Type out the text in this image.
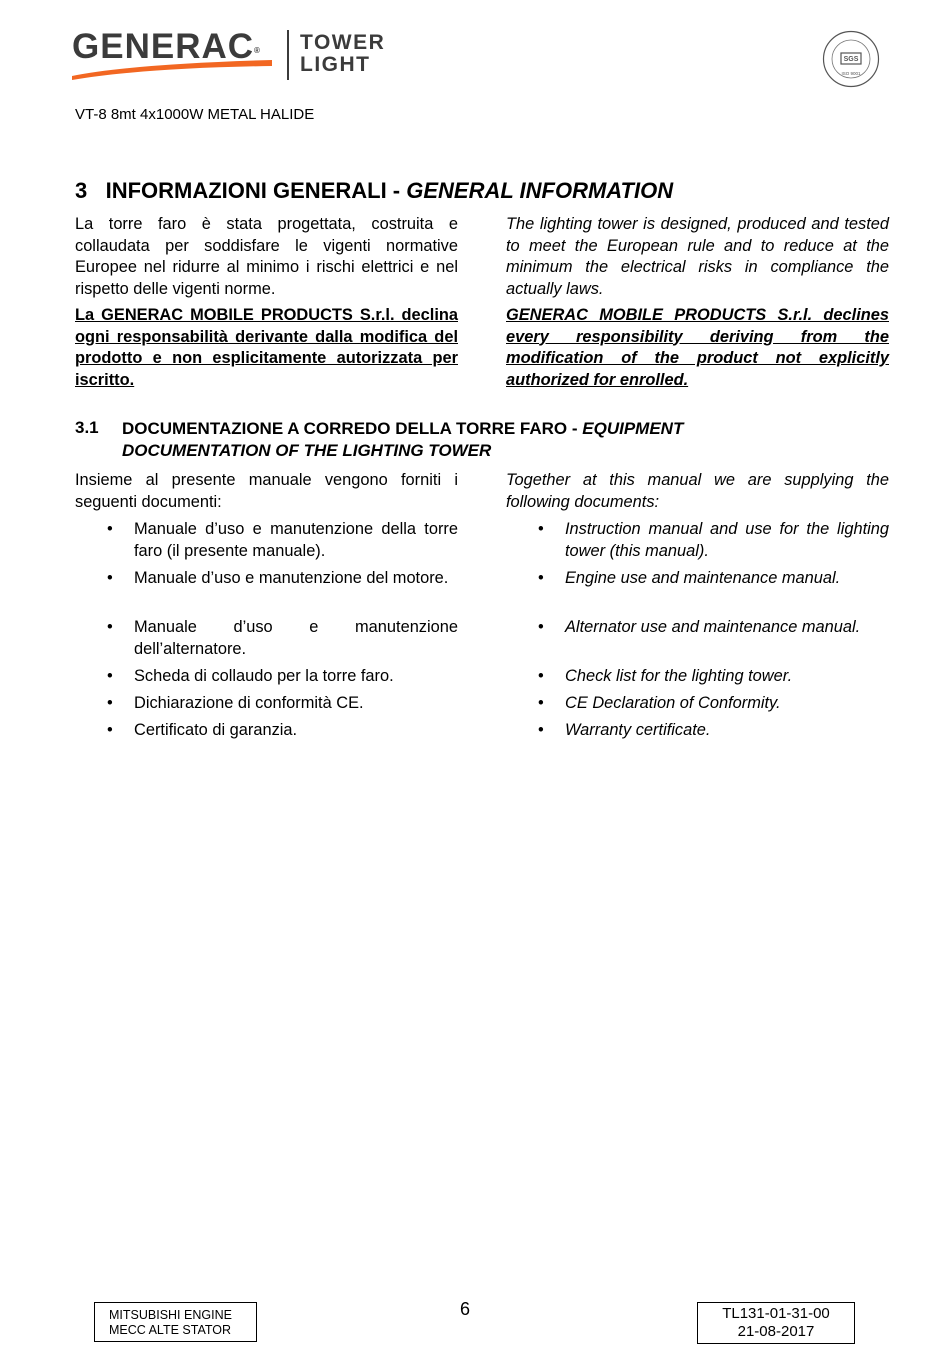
GENERAC® TOWER
LIGHT	SGS
ISO 9001
VT-8 8mt 4x1000W METAL HALIDE
3 INFORMAZIONI GENERALI - GENERAL INFORMATION

La torre faro è stata progettata, costruita e collaudata per soddisfare le vigenti normative Europee nel ridurre al minimo i rischi elettrici e nel rispetto delle vigenti norme.

La GENERAC MOBILE PRODUCTS S.r.l. declina ogni responsabilità derivante dalla modifica del prodotto e non esplicitamente autorizzata per iscritto.

The lighting tower is designed, produced and tested to meet the European rule and to reduce at the minimum the electrical risks in compliance the actually laws.

GENERAC MOBILE PRODUCTS S.r.l. declines every responsibility deriving from the modification of the product not explicitly authorized for enrolled.

3.1 DOCUMENTAZIONE A CORREDO DELLA TORRE FARO - EQUIPMENT DOCUMENTATION OF THE LIGHTING TOWER
Insieme al presente manuale vengono forniti i seguenti documenti:
Together at this manual we are supplying the following documents:
• Manuale d’uso e manutenzione della torre faro (il presente manuale).
• Manuale d’uso e manutenzione del motore.
• Manuale d’uso e manutenzione dell’alternatore.
• Scheda di collaudo per la torre faro.
• Dichiarazione di conformità CE.
• Certificato di garanzia.
• Instruction manual and use for the lighting tower (this manual).
• Engine use and maintenance manual.
• Alternator use and maintenance manual.
• Check list for the lighting tower.
• CE Declaration of Conformity.
• Warranty certificate.
MITSUBISHI ENGINE
MECC ALTE STATOR
6	TL131-01-31-00
21-08-2017
